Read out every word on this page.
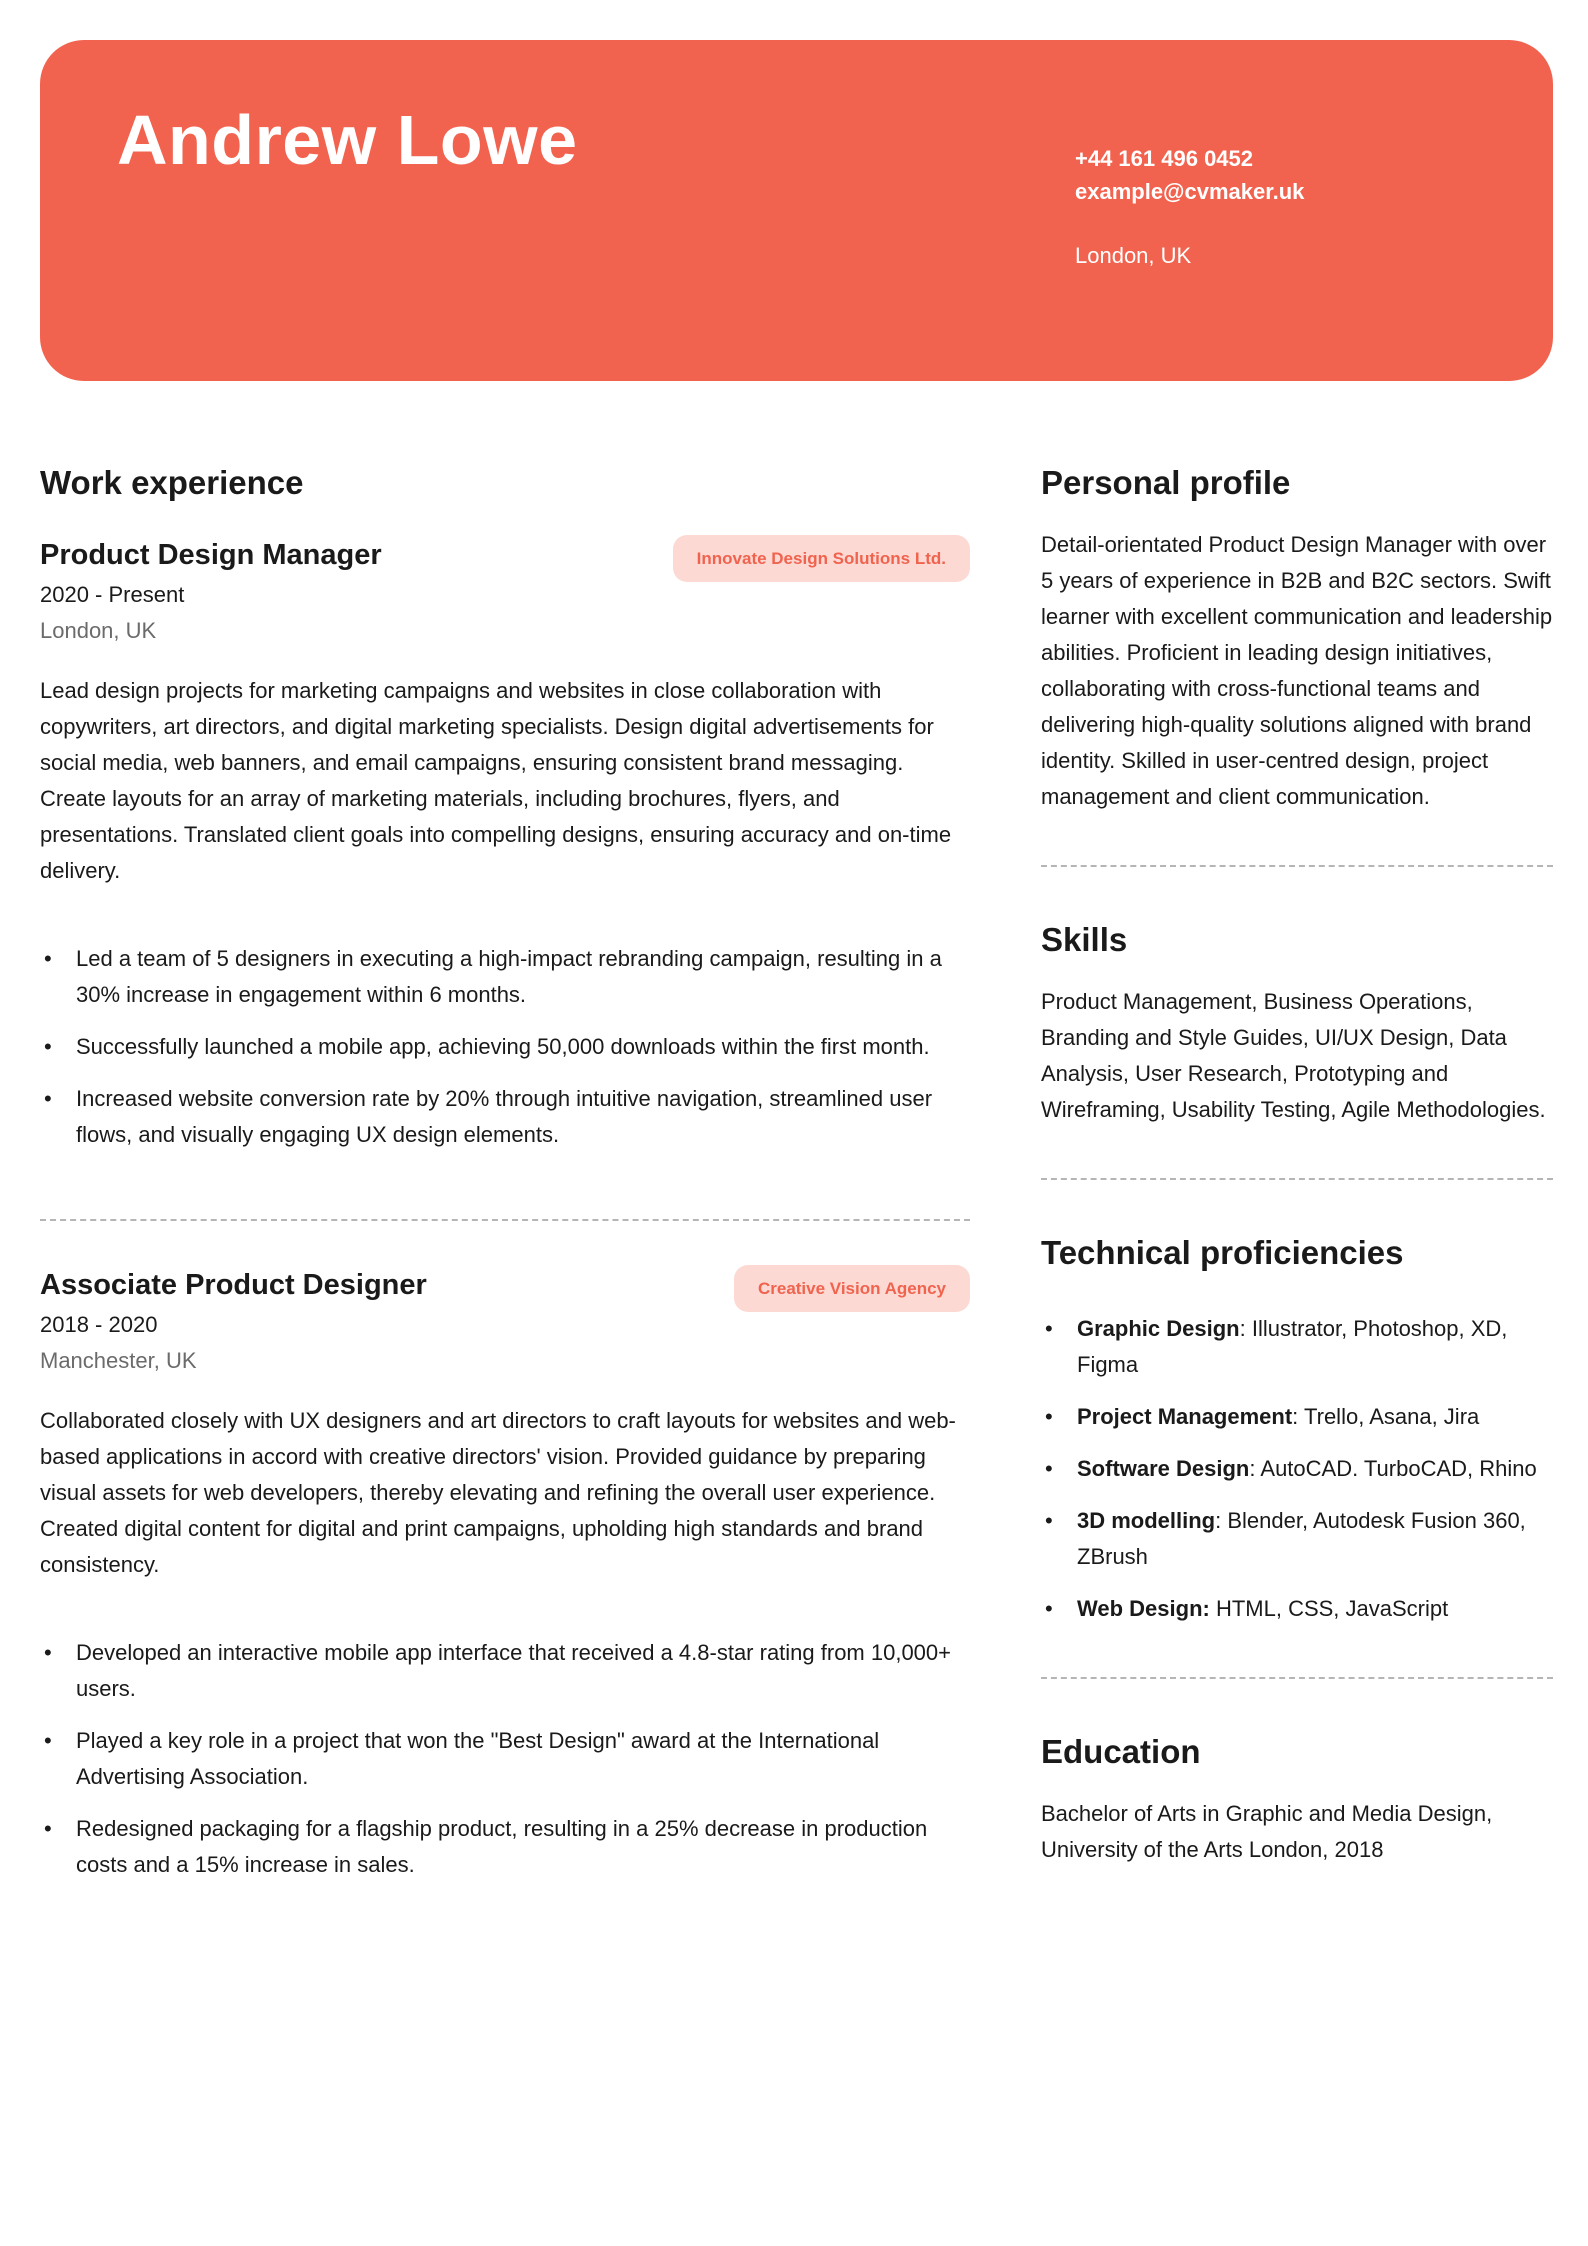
Andrew Lowe	+44 161 496 0452
example@cvmaker.uk
London, UK
Work experience
Product Design Manager	Innovate Design Solutions Ltd.
2020 - Present
London, UK
Lead design projects for marketing campaigns and websites in close collaboration with copywriters, art directors, and digital marketing specialists. Design digital advertisements for social media, web banners, and email campaigns, ensuring consistent brand messaging. Create layouts for an array of marketing materials, including brochures, flyers, and presentations. Translated client goals into compelling designs, ensuring accuracy and on-time delivery.
• Led a team of 5 designers in executing a high-impact rebranding campaign, resulting in a 30% increase in engagement within 6 months.
• Successfully launched a mobile app, achieving 50,000 downloads within the first month.
• Increased website conversion rate by 20% through intuitive navigation, streamlined user flows, and visually engaging UX design elements.
Associate Product Designer	Creative Vision Agency
2018 - 2020
Manchester, UK
Collaborated closely with UX designers and art directors to craft layouts for websites and web-based applications in accord with creative directors' vision. Provided guidance by preparing visual assets for web developers, thereby elevating and refining the overall user experience. Created digital content for digital and print campaigns, upholding high standards and brand consistency.
• Developed an interactive mobile app interface that received a 4.8-star rating from 10,000+ users.
• Played a key role in a project that won the "Best Design" award at the International Advertising Association.
• Redesigned packaging for a flagship product, resulting in a 25% decrease in production costs and a 15% increase in sales.
Personal profile
Detail-orientated Product Design Manager with over 5 years of experience in B2B and B2C sectors. Swift learner with excellent communication and leadership abilities. Proficient in leading design initiatives, collaborating with cross-functional teams and delivering high-quality solutions aligned with brand identity. Skilled in user-centred design, project management and client communication.
Skills
Product Management, Business Operations, Branding and Style Guides, UI/UX Design, Data Analysis, User Research, Prototyping and Wireframing, Usability Testing, Agile Methodologies.
Technical proficiencies
• Graphic Design: Illustrator, Photoshop, XD, Figma
• Project Management: Trello, Asana, Jira
• Software Design: AutoCAD. TurboCAD, Rhino
• 3D modelling: Blender, Autodesk Fusion 360, ZBrush
• Web Design: HTML, CSS, JavaScript
Education
Bachelor of Arts in Graphic and Media Design, University of the Arts London, 2018
